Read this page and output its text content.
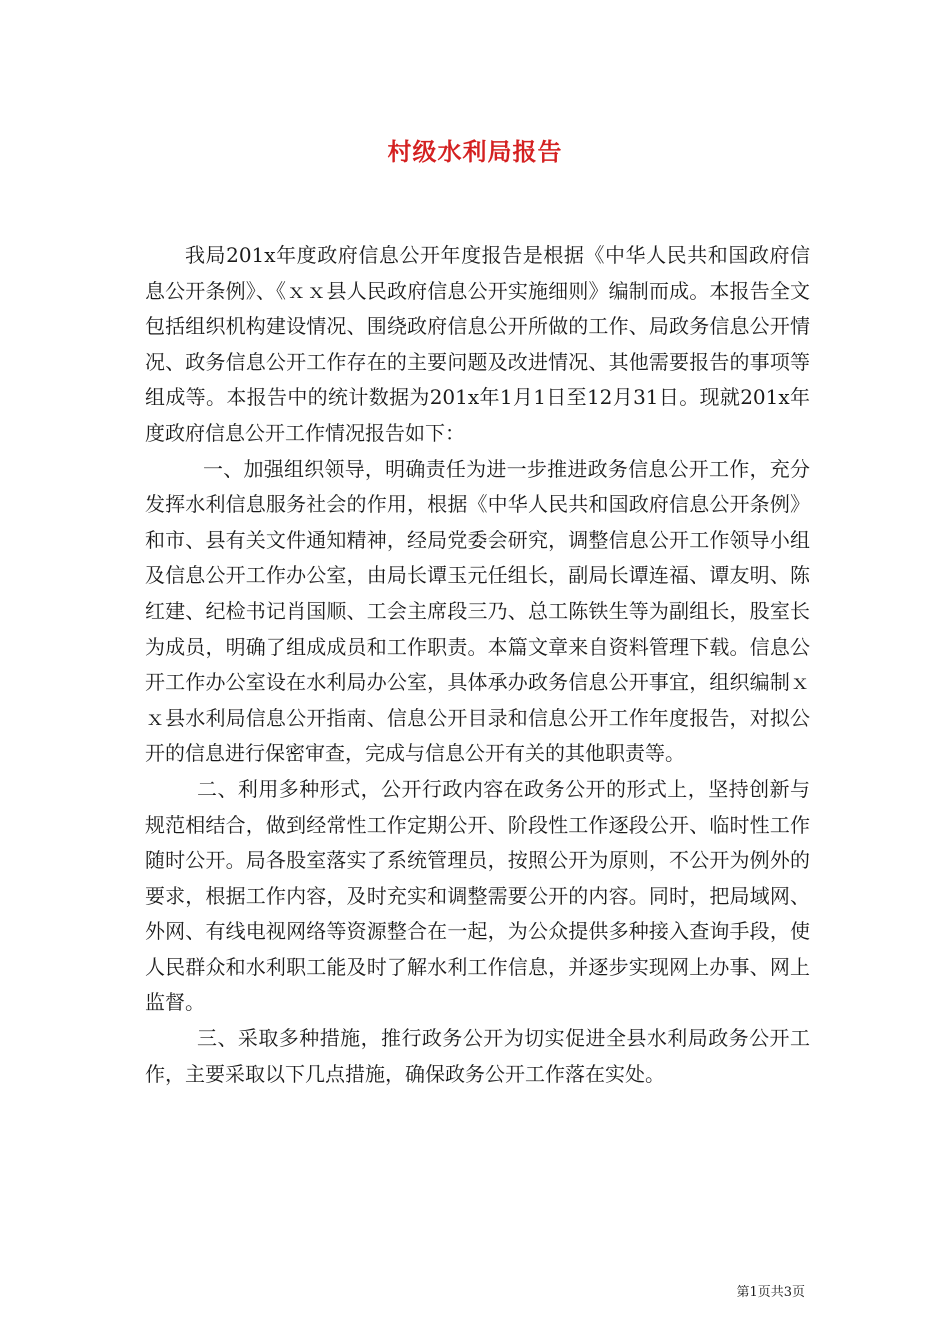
村级水利局报告

我局201x年度政府信息公开年度报告是根据《中华人民共和国政府信息公开条例》、《ｘｘ县人民政府信息公开实施细则》编制而成。本报告全文包括组织机构建设情况、围绕政府信息公开所做的工作、局政务信息公开情况、政务信息公开工作存在的主要问题及改进情况、其他需要报告的事项等组成等。本报告中的统计数据为201x年1月1日至12月31日。现就201x年度政府信息公开工作情况报告如下：

一、加强组织领导，明确责任为进一步推进政务信息公开工作，充分发挥水利信息服务社会的作用，根据《中华人民共和国政府信息公开条例》和市、县有关文件通知精神，经局党委会研究，调整信息公开工作领导小组及信息公开工作办公室，由局长谭玉元任组长，副局长谭连福、谭友明、陈红建、纪检书记肖国顺、工会主席段三乃、总工陈铁生等为副组长，股室长为成员，明确了组成成员和工作职责。本篇文章来自资料管理下载。信息公开工作办公室设在水利局办公室，具体承办政务信息公开事宜，组织编制ｘｘ县水利局信息公开指南、信息公开目录和信息公开工作年度报告，对拟公开的信息进行保密审查，完成与信息公开有关的其他职责等。

二、利用多种形式，公开行政内容在政务公开的形式上，坚持创新与规范相结合，做到经常性工作定期公开、阶段性工作逐段公开、临时性工作随时公开。局各股室落实了系统管理员，按照公开为原则，不公开为例外的要求，根据工作内容，及时充实和调整需要公开的内容。同时，把局域网、外网、有线电视网络等资源整合在一起，为公众提供多种接入查询手段，使人民群众和水利职工能及时了解水利工作信息，并逐步实现网上办事、网上监督。

三、采取多种措施，推行政务公开为切实促进全县水利局政务公开工作，主要采取以下几点措施，确保政务公开工作落在实处。

第1页共3页
